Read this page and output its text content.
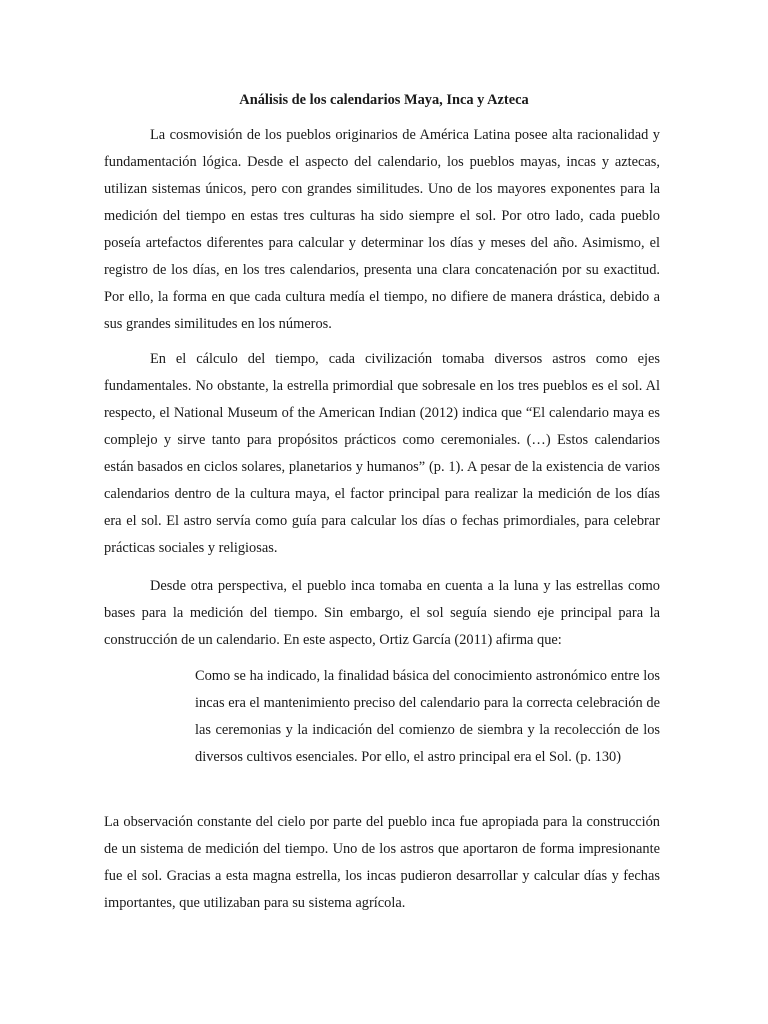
Análisis de los calendarios Maya, Inca y Azteca

La cosmovisión de los pueblos originarios de América Latina posee alta racionalidad y fundamentación lógica. Desde el aspecto del calendario, los pueblos mayas, incas y aztecas, utilizan sistemas únicos, pero con grandes similitudes. Uno de los mayores exponentes para la medición del tiempo en estas tres culturas ha sido siempre el sol. Por otro lado, cada pueblo poseía artefactos diferentes para calcular y determinar los días y meses del año. Asimismo, el registro de los días, en los tres calendarios, presenta una clara concatenación por su exactitud. Por ello, la forma en que cada cultura medía el tiempo, no difiere de manera drástica, debido a sus grandes similitudes en los números.

En el cálculo del tiempo, cada civilización tomaba diversos astros como ejes fundamentales. No obstante, la estrella primordial que sobresale en los tres pueblos es el sol. Al respecto, el National Museum of the American Indian (2012) indica que “El calendario maya es complejo y sirve tanto para propósitos prácticos como ceremoniales. (…) Estos calendarios están basados en ciclos solares, planetarios y humanos” (p. 1). A pesar de la existencia de varios calendarios dentro de la cultura maya, el factor principal para realizar la medición de los días era el sol. El astro servía como guía para calcular los días o fechas primordiales, para celebrar prácticas sociales y religiosas.

Desde otra perspectiva, el pueblo inca tomaba en cuenta a la luna y las estrellas como bases para la medición del tiempo. Sin embargo, el sol seguía siendo eje principal para la construcción de un calendario. En este aspecto, Ortiz García (2011) afirma que:

Como se ha indicado, la finalidad básica del conocimiento astronómico entre los incas era el mantenimiento preciso del calendario para la correcta celebración de las ceremonias y la indicación del comienzo de siembra y la recolección de los diversos cultivos esenciales. Por ello, el astro principal era el Sol. (p. 130)

La observación constante del cielo por parte del pueblo inca fue apropiada para la construcción de un sistema de medición del tiempo. Uno de los astros que aportaron de forma impresionante fue el sol. Gracias a esta magna estrella, los incas pudieron desarrollar y calcular días y fechas importantes, que utilizaban para su sistema agrícola.
